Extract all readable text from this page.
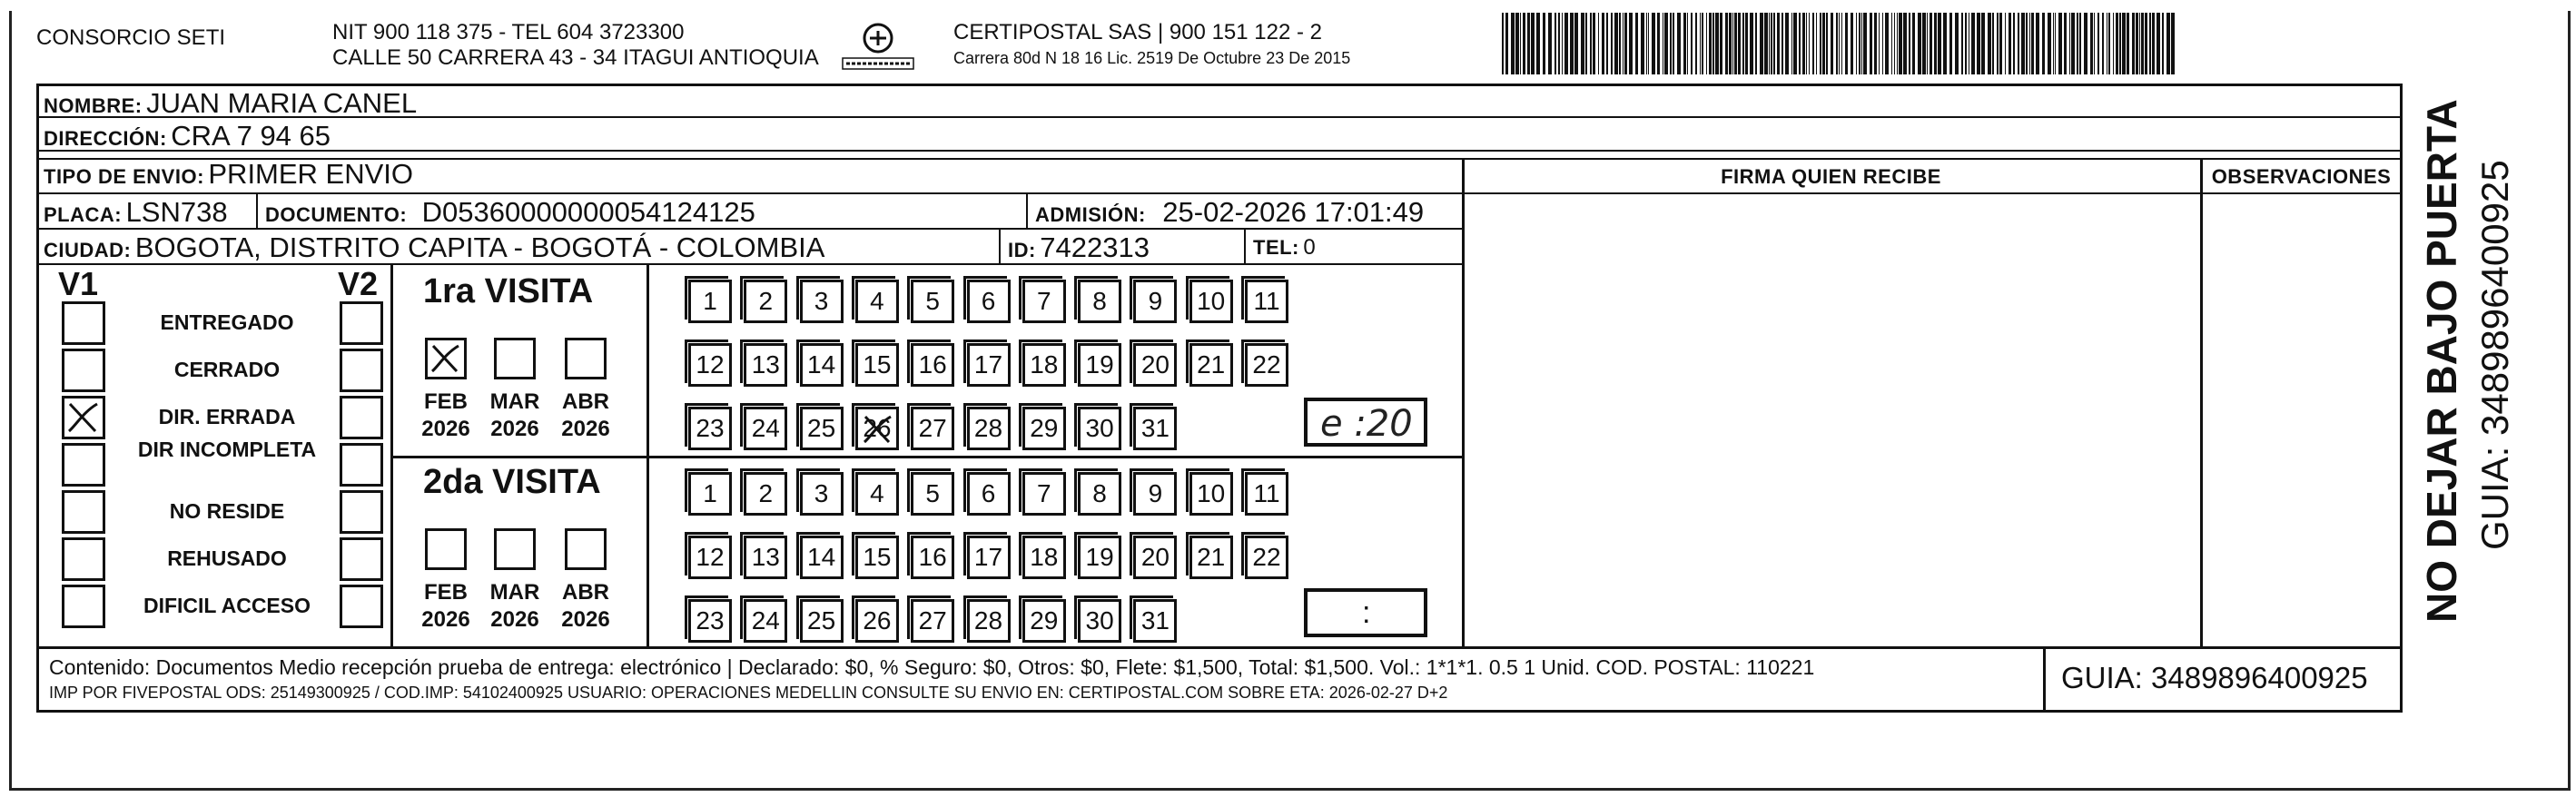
CONSORCIO SETI	NIT 900 118 375 - TEL 604 3723300
CALLE 50 CARRERA 43 - 34 ITAGUI ANTIOQUIA
CERTIPOSTAL SAS | 900 151 122 - 2
Carrera 80d N 18 16 Lic. 2519 De Octubre 23 De 2015
NOMBRE: JUAN MARIA CANEL
DIRECCIÓN: CRA 7 94 65
TIPO DE ENVIO: PRIMER ENVIO
PLACA: LSN738 DOCUMENTO: D05360000000054124125	ADMISIÓN: 25-02-2026 17:01:49
CIUDAD: BOGOTA, DISTRITO CAPITA - BOGOTÁ - COLOMBIA	ID: 7422313	TEL: 0
FIRMA QUIEN RECIBE	OBSERVACIONES
V1	V2
ENTREGADO
CERRADO
DIR. ERRADA
DIR INCOMPLETA
NO RESIDE
REHUSADO
DIFICIL ACCESO
1ra VISITA
FEB
2026
MAR
2026
ABR
2026
1 2 3 4 5 6 7 8 9 10 11
12 13 14 15 16 17 18 19 20 21 22
23 24 25 26 27 28 29 30 31	e :20
2da VISITA
FEB
2026
MAR
2026
ABR
2026
1 2 3 4 5 6 7 8 9 10 11
12 13 14 15 16 17 18 19 20 21 22
23 24 25 26 27 28 29 30 31	:
Contenido: Documentos Medio recepción prueba de entrega: electrónico | Declarado: $0, % Seguro: $0, Otros: $0, Flete: $1,500, Total: $1,500. Vol.: 1*1*1. 0.5 1 Unid. COD. POSTAL: 110221
IMP POR FIVEPOSTAL ODS: 25149300925 / COD.IMP: 54102400925 USUARIO: OPERACIONES MEDELLIN CONSULTE SU ENVIO EN: CERTIPOSTAL.COM SOBRE ETA: 2026-02-27 D+2	GUIA: 3489896400925
NO DEJAR BAJO PUERTA GUIA: 3489896400925
